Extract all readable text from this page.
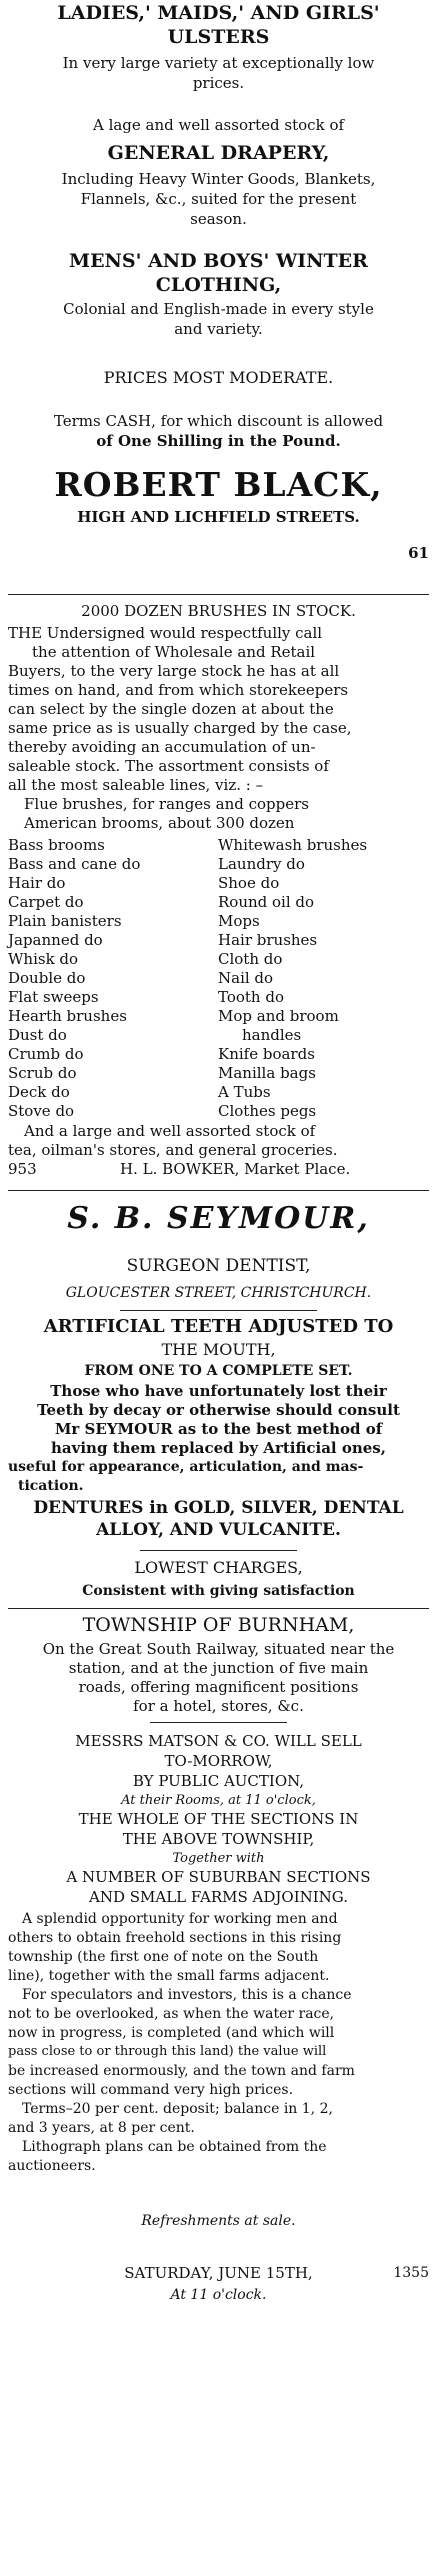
LADIES,' MAIDS,' AND GIRLS'
ULSTERS
In very large variety at exceptionally low
prices.
A lage and well assorted stock of
GENERAL DRAPERY,
Including Heavy Winter Goods, Blankets,
Flannels, &c., suited for the present
season.
MENS' AND BOYS' WINTER
CLOTHING,
Colonial and English-made in every style
and variety.
PRICES MOST MODERATE.
Terms CASH, for which discount is allowed
of One Shilling in the Pound.
ROBERT BLACK,
HIGH AND LICHFIELD STREETS.
61
2000 DOZEN BRUSHES IN STOCK.
THE Undersigned would respectfully call
the attention of Wholesale and Retail
Buyers, to the very large stock he has at all
times on hand, and from which storekeepers
can select by the single dozen at about the
same price as is usually charged by the case,
thereby avoiding an accumulation of un-
saleable stock. The assortment consists of
all the most saleable lines, viz. : –
Flue brushes, for ranges and coppers
American brooms, about 300 dozen
Bass brooms
Bass and cane do
Hair do
Carpet do
Plain banisters
Japanned do
Whisk do
Double do
Flat sweeps
Hearth brushes
Dust do
Crumb do
Scrub do
Deck do
Stove do
Whitewash brushes
Laundry do
Shoe do
Round oil do
Mops
Hair brushes
Cloth do
Nail do
Tooth do
Mop and broom
handles
Knife boards
Manilla bags
A Tubs
Clothes pegs
And a large and well assorted stock of
tea, oilman's stores, and general groceries.
953	H. L. BOWKER, Market Place.
S. B. SEYMOUR,
SURGEON DENTIST,
GLOUCESTER STREET, CHRISTCHURCH.
ARTIFICIAL TEETH ADJUSTED TO
THE MOUTH,
FROM ONE TO A COMPLETE SET.
Those who have unfortunately lost their
Teeth by decay or otherwise should consult
Mr SEYMOUR as to the best method of
having them replaced by Artificial ones,
useful for appearance, articulation, and mas-
tication.
DENTURES in GOLD, SILVER, DENTAL
ALLOY, AND VULCANITE.
LOWEST CHARGES,
Consistent with giving satisfaction
TOWNSHIP OF BURNHAM,
On the Great South Railway, situated near the
station, and at the junction of five main
roads, offering magnificent positions
for a hotel, stores, &c.
MESSRS MATSON & CO. WILL SELL
TO-MORROW,
BY PUBLIC AUCTION,
At their Rooms, at 11 o'clock,
THE WHOLE OF THE SECTIONS IN
THE ABOVE TOWNSHIP,
Together with
A NUMBER OF SUBURBAN SECTIONS
AND SMALL FARMS ADJOINING.
A splendid opportunity for working men and
others to obtain freehold sections in this rising
township (the first one of note on the South
line), together with the small farms adjacent.
For speculators and investors, this is a chance
not to be overlooked, as when the water race,
now in progress, is completed (and which will
pass close to or through this land) the value will
be increased enormously, and the town and farm
sections will command very high prices.
Terms–20 per cent. deposit; balance in 1, 2,
and 3 years, at 8 per cent.
Lithograph plans can be obtained from the
auctioneers.
Refreshments at sale.
SATURDAY, JUNE 15TH,	1355
At 11 o'clock.
